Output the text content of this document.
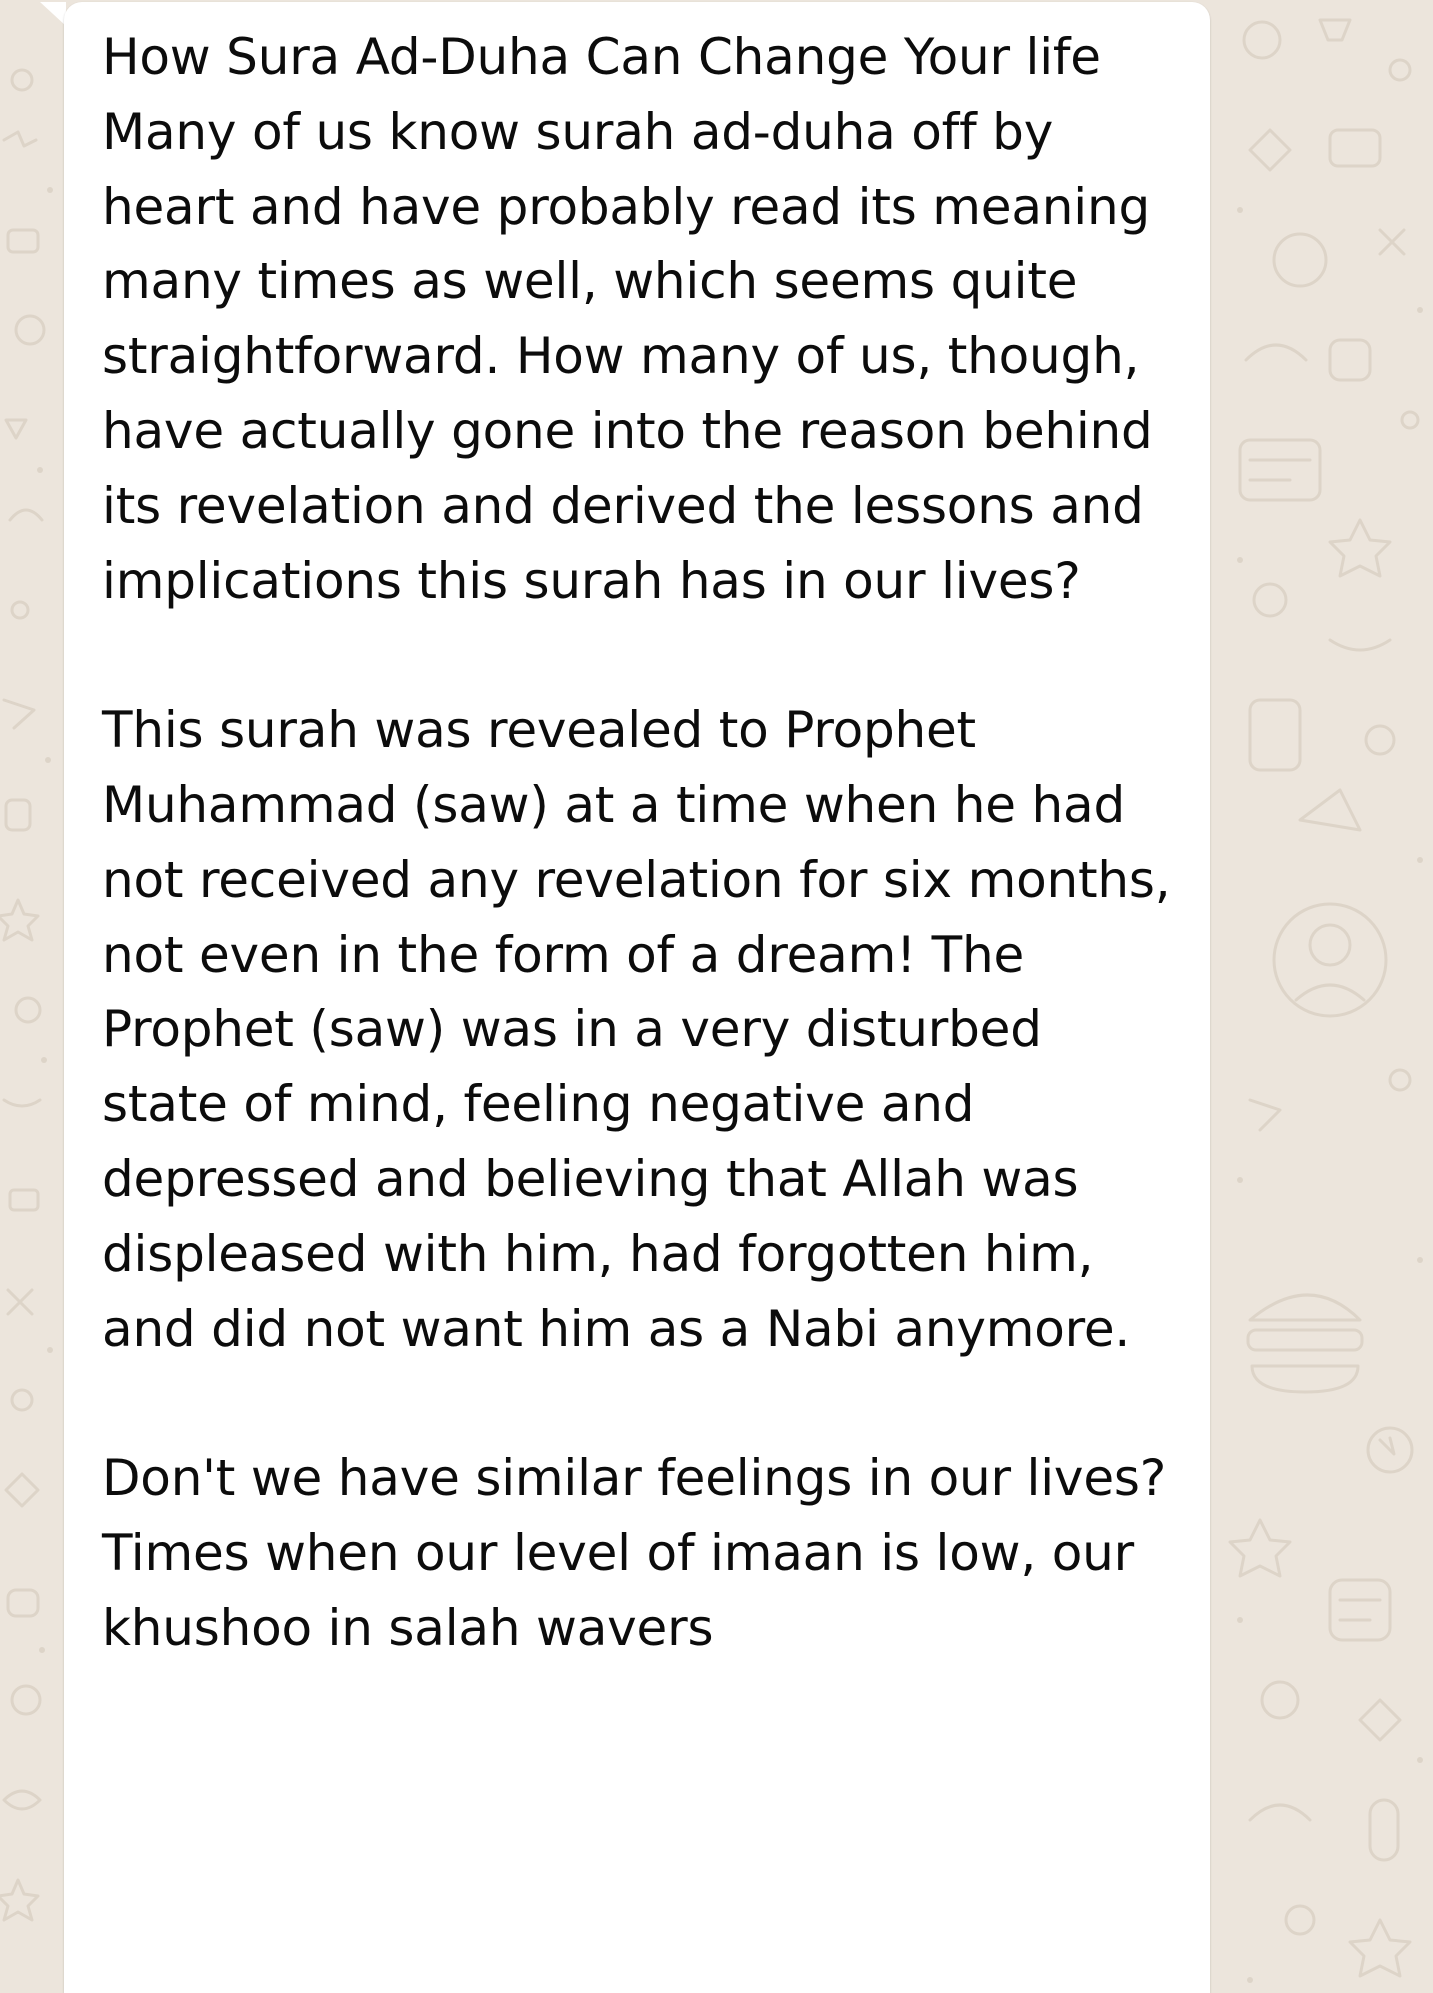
How Sura Ad-Duha Can Change Your life

Many of us know surah ad-duha off by heart and have probably read its meaning many times as well, which seems quite straightforward. How many of us, though, have actually gone into the reason behind its revelation and derived the lessons and implications this surah has in our lives?

This surah was revealed to Prophet Muhammad (saw) at a time when he had not received any revelation for six months, not even in the form of a dream! The Prophet (saw) was in a very disturbed state of mind, feeling negative and depressed and believing that Allah was displeased with him, had forgotten him, and did not want him as a Nabi anymore.

Don't we have similar feelings in our lives? Times when our level of imaan is low, our khushoo in salah wavers
